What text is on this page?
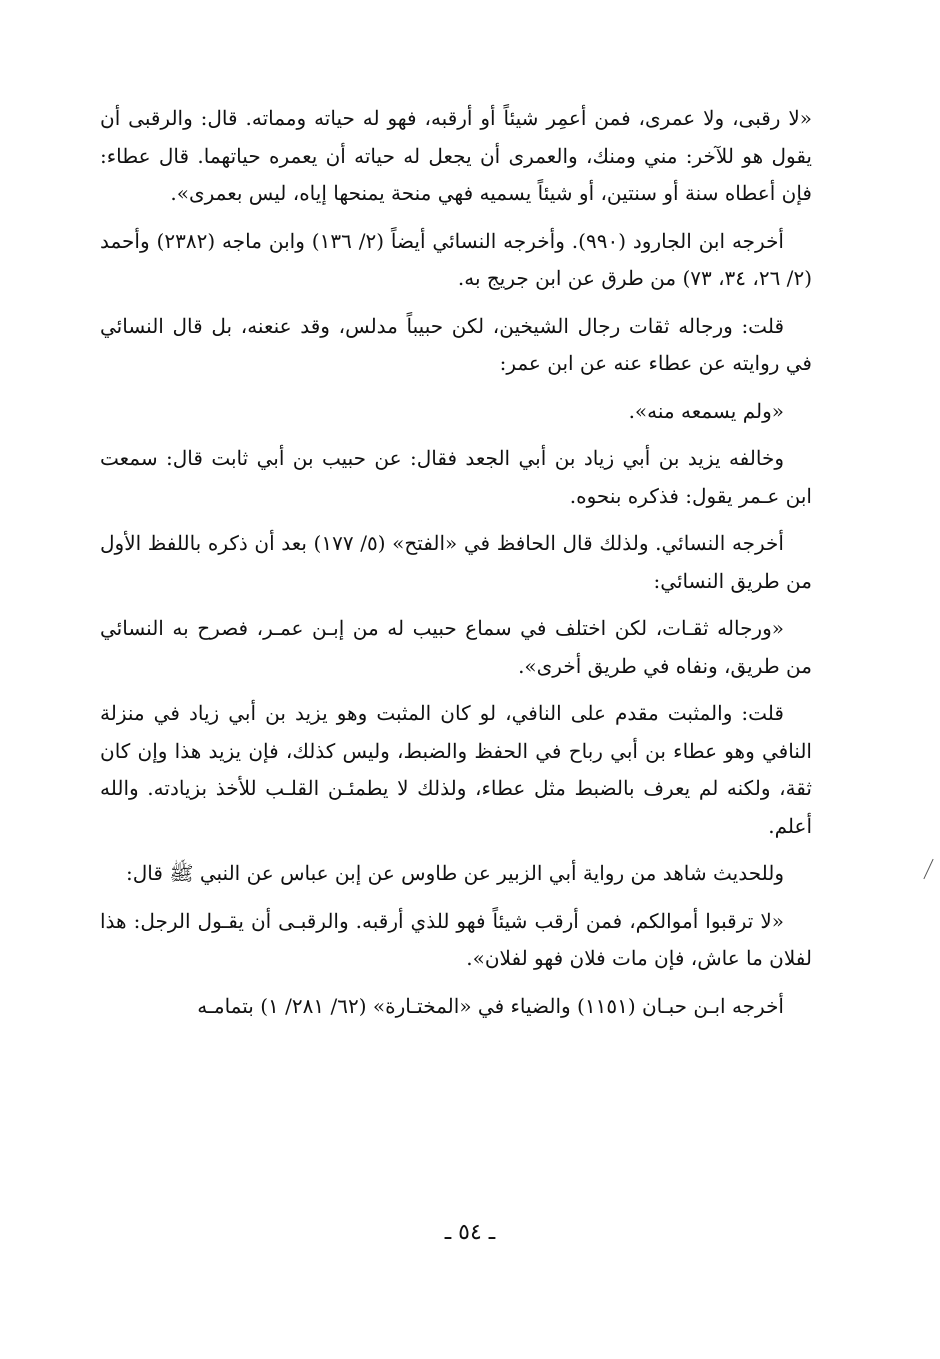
«لا رقبى، ولا عمرى، فمن أعمِر شيئاً أو أرقبه، فهو له حياته ومماته. قال: والرقبى أن يقول هو للآخر: مني ومنك، والعمرى أن يجعل له حياته أن يعمره حياتهما. قال عطاء: فإن أعطاه سنة أو سنتين، أو شيئاً يسميه فهي منحة يمنحها إياه، ليس بعمرى».

أخرجه ابن الجارود (٩٩٠). وأخرجه النسائي أيضاً (٢/ ١٣٦) وابن ماجه (٢٣٨٢) وأحمد (٢/ ٢٦، ٣٤، ٧٣) من طرق عن ابن جريج به.

قلت: ورجاله ثقات رجال الشيخين، لكن حبيباً مدلس، وقد عنعنه، بل قال النسائي في روايته عن عطاء عنه عن ابن عمر:

«ولم يسمعه منه».

وخالفه يزيد بن أبي زياد بن أبي الجعد فقال: عن حبيب بن أبي ثابت قال: سمعت ابن عـمر يقول: فذكره بنحوه.

أخرجه النسائي. ولذلك قال الحافظ في «الفتح» (٥/ ١٧٧) بعد أن ذكره باللفظ الأول من طريق النسائي:

«ورجاله ثقـات، لكن اختلف في سماع حبيب له من إبـن عمـر، فصرح به النسائي من طريق، ونفاه في طريق أخرى».

قلت: والمثبت مقدم على النافي، لو كان المثبت وهو يزيد بن أبي زياد في منزلة النافي وهو عطاء بن أبي رباح في الحفظ والضبط، وليس كذلك، فإن يزيد هذا وإن كان ثقة، ولكنه لم يعرف بالضبط مثل عطاء، ولذلك لا يطمئـن القلـب للأخذ بزيادته. والله أعلم.

وللحديث شاهد من رواية أبي الزبير عن طاوس عن إبن عباس عن النبي ﷺ قال:

«لا ترقبوا أموالكم، فمن أرقب شيئاً فهو للذي أرقبه. والرقبـى أن يقـول الرجل: هذا لفلان ما عاش، فإن مات فلان فهو لفلان».

أخرجه ابـن حبـان (١١٥١) والضياء في «المختـارة» (٦٢/ ٢٨١/ ١) بتمامـه

ـ ٥٤ ـ
